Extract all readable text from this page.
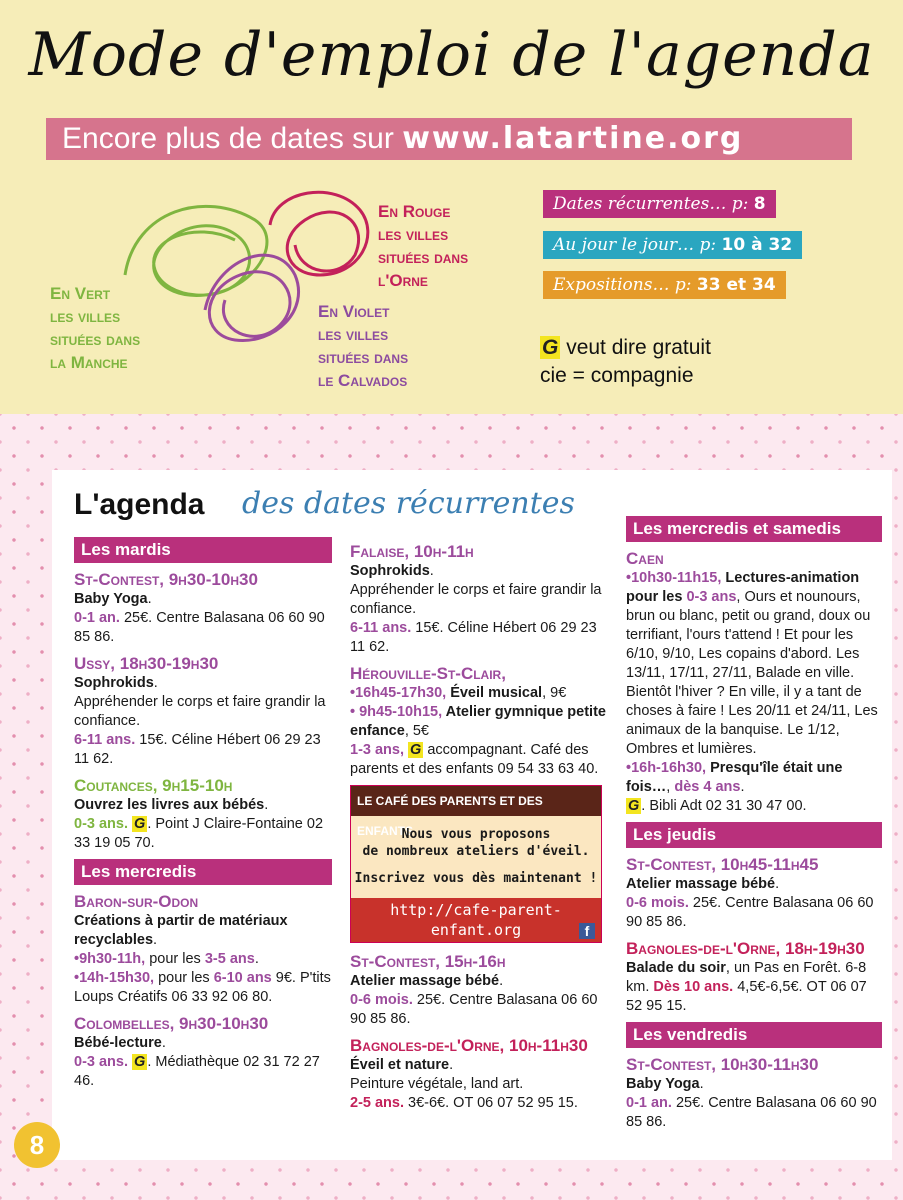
Mode d'emploi de l'agenda
Encore plus de dates sur www.latartine.org
En Vert
les villes
situées dans
la Manche
En Rouge
les villes
situées dans
l'Orne
En Violet
les villes
situées dans
le Calvados
Dates récurrentes… p: 8
Au jour le jour… p: 10 à 32
Expositions… p: 33 et 34
G veut dire gratuit
cie = compagnie
L'agenda des dates récurrentes
Les mardis
St-Contest, 9h30-10h30
Baby Yoga.
0-1 an. 25€. Centre Balasana 06 60 90 85 86.
Ussy, 18h30-19h30
Sophrokids.
Appréhender le corps et faire grandir la confiance.
6-11 ans. 15€. Céline Hébert 06 29 23 11 62.
Coutances, 9h15-10h
Ouvrez les livres aux bébés.
0-3 ans. G . Point J Claire-Fontaine 02 33 19 05 70.
Les mercredis
Baron-sur-Odon
Créations à partir de matériaux recyclables.
•9h30-11h, pour les 3-5 ans.
•14h-15h30, pour les 6-10 ans 9€. P'tits Loups Créatifs 06 33 92 06 80.
Colombelles, 9h30-10h30
Bébé-lecture.
0-3 ans. G . Médiathèque 02 31 72 27 46.
Falaise, 10h-11h
Sophrokids.
Appréhender le corps et faire grandir la confiance.
6-11 ans. 15€. Céline Hébert 06 29 23 11 62.
Hérouville-St-Clair,
•16h45-17h30, Éveil musical, 9€
• 9h45-10h15, Atelier gymnique petite enfance, 5€
1-3 ans, G accompagnant. Café des parents et des enfants 09 54 33 63 40.
LE CAFÉ DES PARENTS ET DES ENFANTS
Nous vous proposons
de nombreux ateliers d'éveil.
Inscrivez vous dès maintenant !
http://cafe-parent-enfant.org
09 54 33 63 40
f
St-Contest, 15h-16h
Atelier massage bébé.
0-6 mois. 25€. Centre Balasana 06 60 90 85 86.
Bagnoles-de-l'Orne, 10h-11h30
Éveil et nature.
Peinture végétale, land art.
2-5 ans. 3€-6€. OT 06 07 52 95 15.
Les mercredis et samedis
Caen
•10h30-11h15, Lectures-animation pour les 0-3 ans, Ours et nounours, brun ou blanc, petit ou grand, doux ou terrifiant, l'ours t'attend ! Et pour les 6/10, 9/10, Les copains d'abord. Les 13/11, 17/11, 27/11, Balade en ville. Bientôt l'hiver ? En ville, il y a tant de choses à faire ! Les 20/11 et 24/11, Les animaux de la banquise. Le 1/12, Ombres et lumières.
•16h-16h30, Presqu'île était une fois…, dès 4 ans.
G . Bibli Adt 02 31 30 47 00.
Les jeudis
St-Contest, 10h45-11h45
Atelier massage bébé.
0-6 mois. 25€. Centre Balasana 06 60 90 85 86.
Bagnoles-de-l'Orne, 18h-19h30
Balade du soir, un Pas en Forêt. 6-8 km. Dès 10 ans. 4,5€-6,5€. OT 06 07 52 95 15.
Les vendredis
St-Contest, 10h30-11h30
Baby Yoga.
0-1 an. 25€. Centre Balasana 06 60 90 85 86.
8
